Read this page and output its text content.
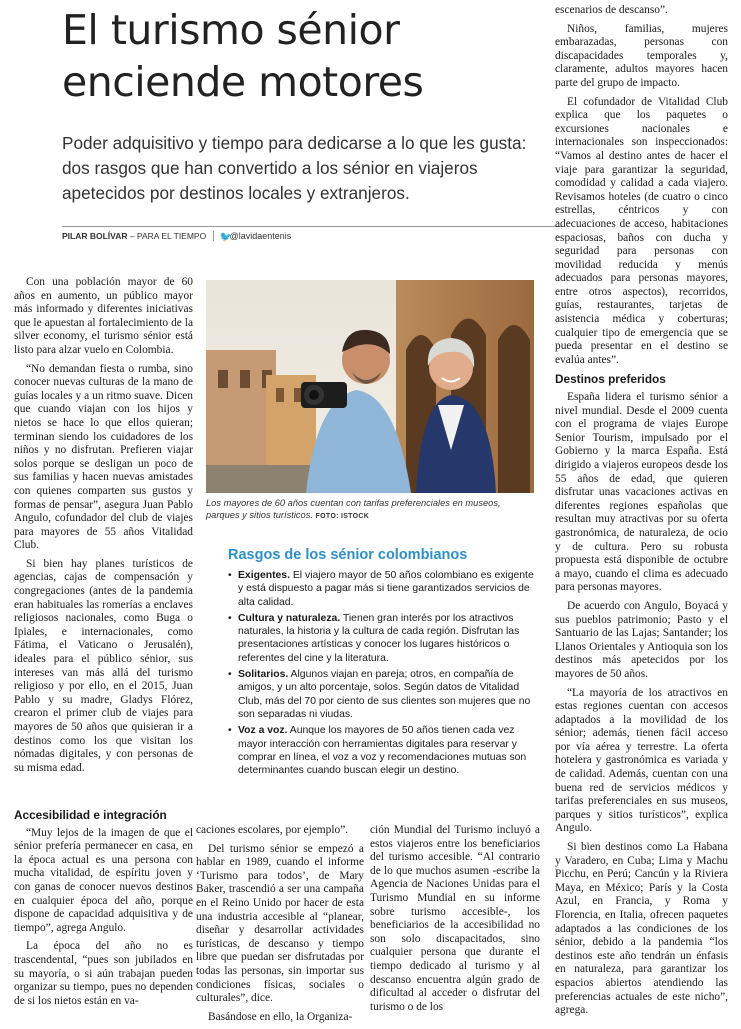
El turismo sénior
enciende motores
Poder adquisitivo y tiempo para dedicarse a lo que les gusta: dos rasgos que han convertido a los sénior en viajeros apetecidos por destinos locales y extranjeros.
PILAR BOLÍVAR – PARA EL TIEMPO 🐦@lavidaentenis

Con una población mayor de 60 años en aumento, un público mayor más informado y diferentes iniciativas que le apuestan al fortalecimiento de la silver economy, el turismo sénior está listo para alzar vuelo en Colombia.

“No demandan fiesta o rumba, sino conocer nuevas culturas de la mano de guías locales y a un ritmo suave. Dicen que cuando viajan con los hijos y nietos se hace lo que ellos quieran; terminan siendo los cuidadores de los niños y no disfrutan. Prefieren viajar solos porque se desligan un poco de sus familias y hacen nuevas amistades con quienes comparten sus gustos y formas de pensar”, asegura Juan Pablo Angulo, cofundador del club de viajes para mayores de 55 años Vitalidad Club.

Si bien hay planes turísticos de agencias, cajas de compensación y congregaciones (antes de la pandemia eran habituales las romerías a enclaves religiosos nacionales, como Buga o Ipiales, e internacionales, como Fátima, el Vaticano o Jerusalén), ideales para el público sénior, sus intereses van más allá del turismo religioso y por ello, en el 2015, Juan Pablo y su madre, Gladys Flórez, crearon el primer club de viajes para mayores de 50 años que quisieran ir a destinos como los que visitan los nómadas digitales, y con personas de su misma edad.

Accesibilidad e integración

“Muy lejos de la imagen de que el sénior prefería permanecer en casa, en la época actual es una persona con mucha vitalidad, de espíritu joven y con ganas de conocer nuevos destinos en cualquier época del año, porque dispone de capacidad adquisitiva y de tiempo”, agrega Angulo.

La época del año no es trascendental, “pues son jubilados en su mayoría, o si aún trabajan pueden organizar su tiempo, pues no dependen de si los nietos están en va-

Los mayores de 60 años cuentan con tarifas preferenciales en museos, parques y sitios turísticos. FOTO: ISTOCK
Rasgos de los sénior colombianos
• Exigentes. El viajero mayor de 50 años colombiano es exigente y está dispuesto a pagar más si tiene garantizados servicios de alta calidad.
• Cultura y naturaleza. Tienen gran interés por los atractivos naturales, la historia y la cultura de cada región. Disfrutan las presentaciones artísticas y conocer los lugares históricos o referentes del cine y la literatura.
• Solitarios. Algunos viajan en pareja; otros, en compañía de amigos, y un alto porcentaje, solos. Según datos de Vitalidad Club, más del 70 por ciento de sus clientes son mujeres que no son separadas ni viudas.
• Voz a voz. Aunque los mayores de 50 años tienen cada vez mayor interacción con herramientas digitales para reservar y comprar en línea, el voz a voz y recomendaciones mutuas son determinantes cuando buscan elegir un destino.

caciones escolares, por ejemplo”.

Del turismo sénior se empezó a hablar en 1989, cuando el informe ‘Turismo para todos’, de Mary Baker, trascendió a ser una campaña en el Reino Unido por hacer de esta una industria accesible al “planear, diseñar y desarrollar actividades turísticas, de descanso y tiempo libre que puedan ser disfrutadas por todas las personas, sin importar sus condiciones físicas, sociales o culturales”, dice.

Basándose en ello, la Organiza-

ción Mundial del Turismo incluyó a estos viajeros entre los beneficiarios del turismo accesible. “Al contrario de lo que muchos asumen -escribe la Agencia de Naciones Unidas para el Turismo Mundial en su informe sobre turismo accesible-, los beneficiarios de la accesibilidad no son solo discapacitados, sino cualquier persona que durante el tiempo dedicado al turismo y al descanso encuentra algún grado de dificultad al acceder o disfrutar del turismo o de los

escenarios de descanso”.

Niños, familias, mujeres embarazadas, personas con discapacidades temporales y, claramente, adultos mayores hacen parte del grupo de impacto.

El cofundador de Vitalidad Club explica que los paquetes o excursiones nacionales e internacionales son inspeccionados: “Vamos al destino antes de hacer el viaje para garantizar la seguridad, comodidad y calidad a cada viajero. Revisamos hoteles (de cuatro o cinco estrellas, céntricos y con adecuaciones de acceso, habitaciones espaciosas, baños con ducha y seguridad para personas con movilidad reducida y menús adecuados para personas mayores, entre otros aspectos), recorridos, guías, restaurantes, tarjetas de asistencia médica y coberturas; cualquier tipo de emergencia que se pueda presentar en el destino se evalúa antes”.

Destinos preferidos

España lidera el turismo sénior a nivel mundial. Desde el 2009 cuenta con el programa de viajes Europe Senior Tourism, impulsado por el Gobierno y la marca España. Está dirigido a viajeros europeos desde los 55 años de edad, que quieren disfrutar unas vacaciones activas en diferentes regiones españolas que resultan muy atractivas por su oferta gastronómica, de naturaleza, de ocio y de cultura. Pero su robusta propuesta está disponible de octubre a mayo, cuando el clima es adecuado para personas mayores.

De acuerdo con Angulo, Boyacá y sus pueblos patrimonio; Pasto y el Santuario de las Lajas; Santander; los Llanos Orientales y Antioquia son los destinos más apetecidos por los mayores de 50 años.

“La mayoría de los atractivos en estas regiones cuentan con accesos adaptados a la movilidad de los sénior; además, tienen fácil acceso por vía aérea y terrestre. La oferta hotelera y gastronómica es variada y de calidad. Además, cuentan con una buena red de servicios médicos y tarifas preferenciales en sus museos, parques y sitios turísticos”, explica Angulo.

Si bien destinos como La Habana y Varadero, en Cuba; Lima y Machu Picchu, en Perú; Cancún y la Riviera Maya, en México; París y la Costa Azul, en Francia, y Roma y Florencia, en Italia, ofrecen paquetes adaptados a las condiciones de los sénior, debido a la pandemia “los destinos este año tendrán un énfasis en naturaleza, para garantizar los espacios abiertos atendiendo las preferencias actuales de este nicho”, agrega.
